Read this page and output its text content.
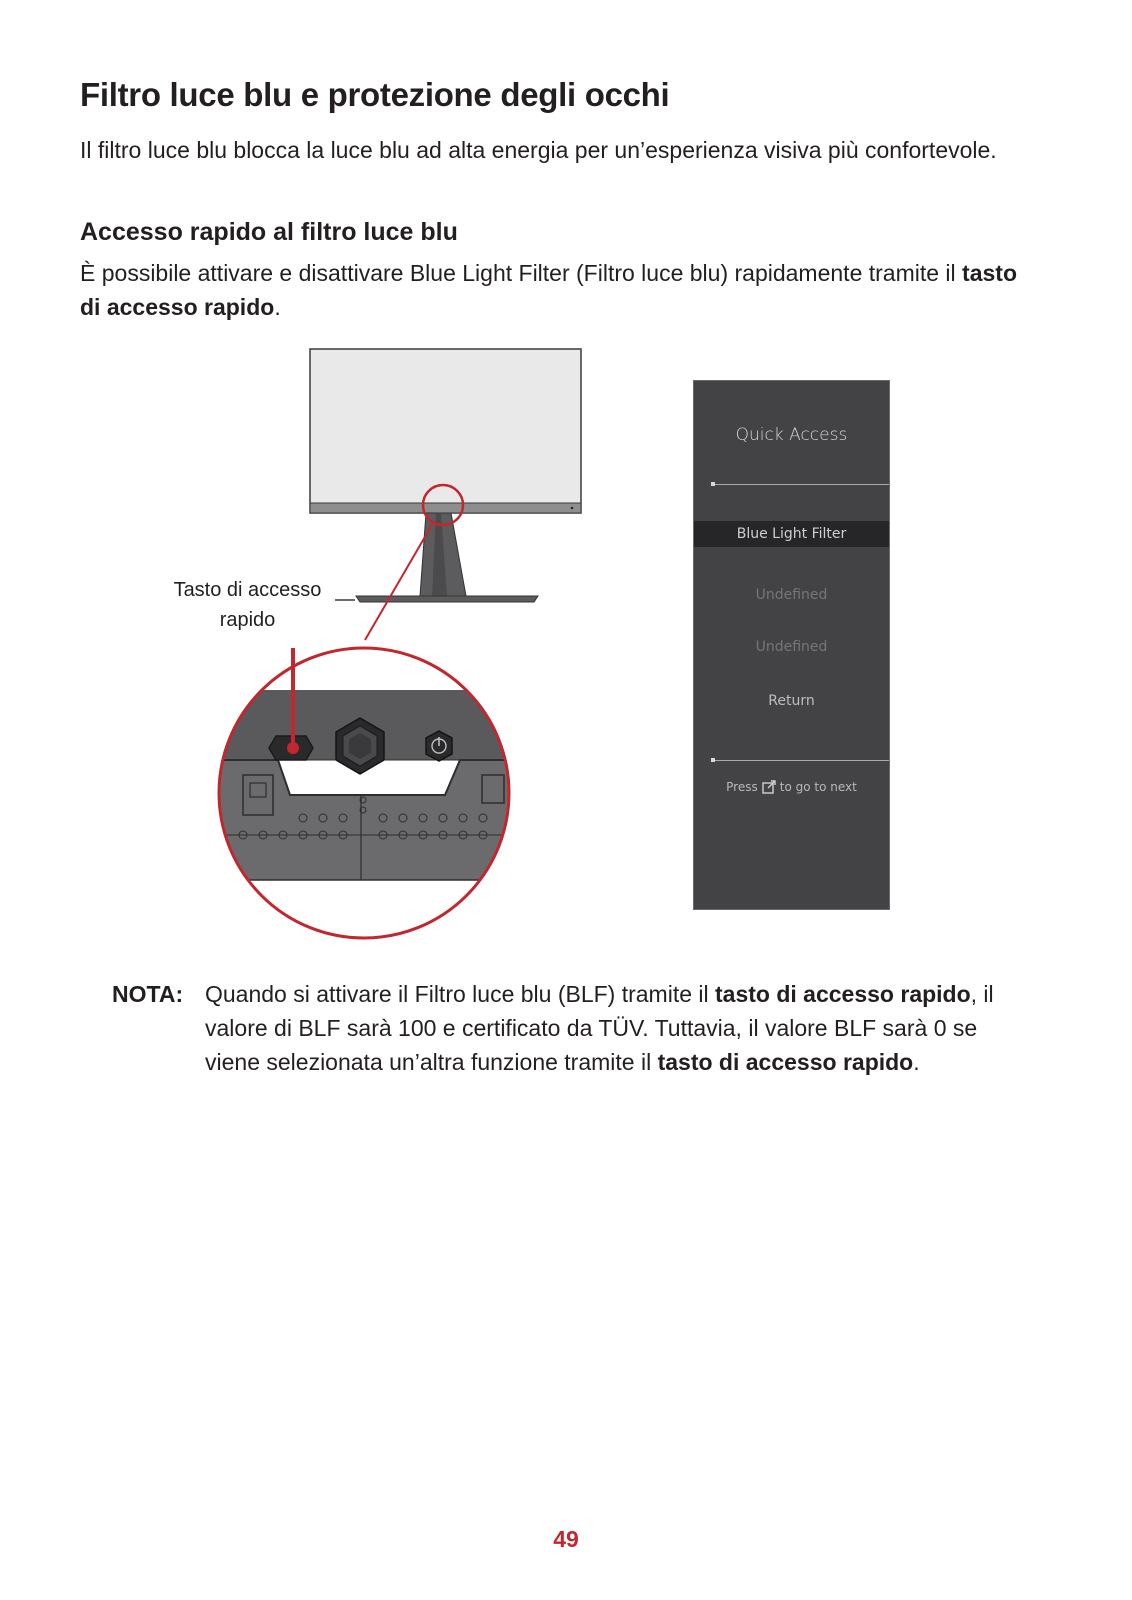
Filtro luce blu e protezione degli occhi

Il filtro luce blu blocca la luce blu ad alta energia per un’esperienza visiva più confortevole.

Accesso rapido al filtro luce blu

È possibile attivare e disattivare Blue Light Filter (Filtro luce blu) rapidamente tramite il tasto di accesso rapido.

Tasto di accesso rapido
Quick Access
Blue Light Filter
Undefined
Undefined
Return
Press to go to next
NOTA: Quando si attivare il Filtro luce blu (BLF) tramite il tasto di accesso rapido, il valore di BLF sarà 100 e certificato da TÜV. Tuttavia, il valore BLF sarà 0 se viene selezionata un’altra funzione tramite il tasto di accesso rapido.

49
